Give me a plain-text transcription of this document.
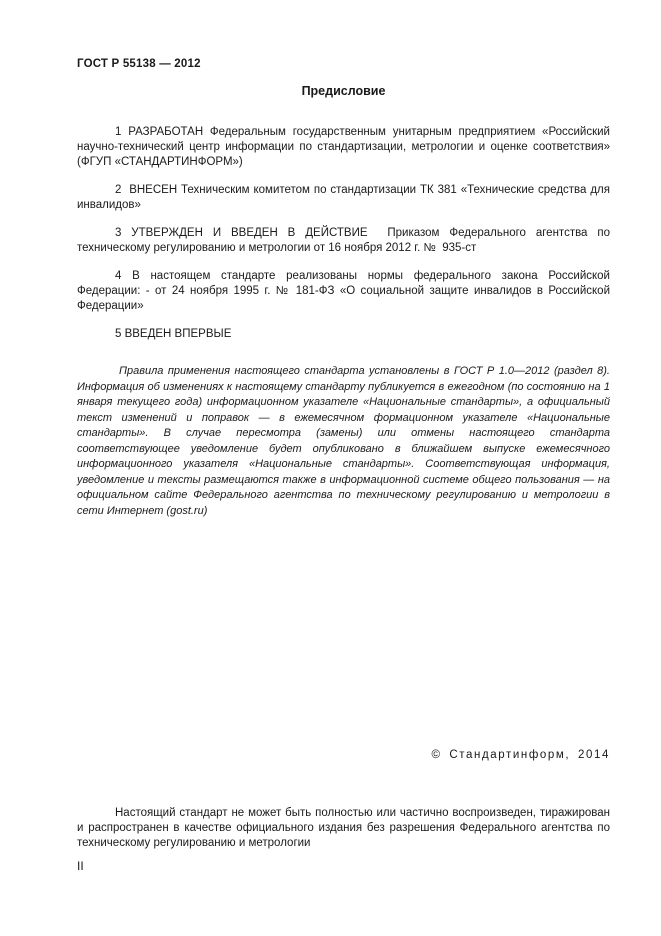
ГОСТ Р 55138 — 2012
Предисловие

1 РАЗРАБОТАН Федеральным государственным унитарным предприятием «Российский научно-технический центр информации по стандартизации, метрологии и оценке соответствия» (ФГУП «СТАНДАРТИНФОРМ»)

2  ВНЕСЕН Техническим комитетом по стандартизации ТК 381 «Технические средства для инвалидов»

3 УТВЕРЖДЕН И ВВЕДЕН В ДЕЙСТВИЕ  Приказом Федерального агентства по техническому регулированию и метрологии от 16 ноября 2012 г. №  935-ст

4 В настоящем стандарте реализованы нормы федерального закона Российской Федерации: - от 24 ноября 1995 г. № 181-ФЗ «О социальной защите инвалидов в Российской Федерации»

5 ВВЕДЕН ВПЕРВЫЕ

Правила применения настоящего стандарта установлены в ГОСТ Р 1.0—2012 (раздел 8). Информация об изменениях к настоящему стандарту публикуется в ежегодном (по состоянию на 1 января текущего года) информационном указателе «Национальные стандарты», а официальный текст изменений и поправок — в ежемесячном формационном указателе «Национальные стандарты». В случае пересмотра (замены) или отмены настоящего стандарта соответствующее уведомление будет опубликовано в ближайшем выпуске ежемесячного информационного указателя «Национальные стандарты». Соответствующая информация, уведомление и тексты размещаются также в информационной системе общего пользования — на официальном сайте Федерального агентства по техническому регулированию и метрологии в сети Интернет (gost.ru)

© Стандартинформ, 2014

Настоящий стандарт не может быть полностью или частично воспроизведен, тиражирован и распространен в качестве официального издания без разрешения Федерального агентства по техническому регулированию и метрологии

II
